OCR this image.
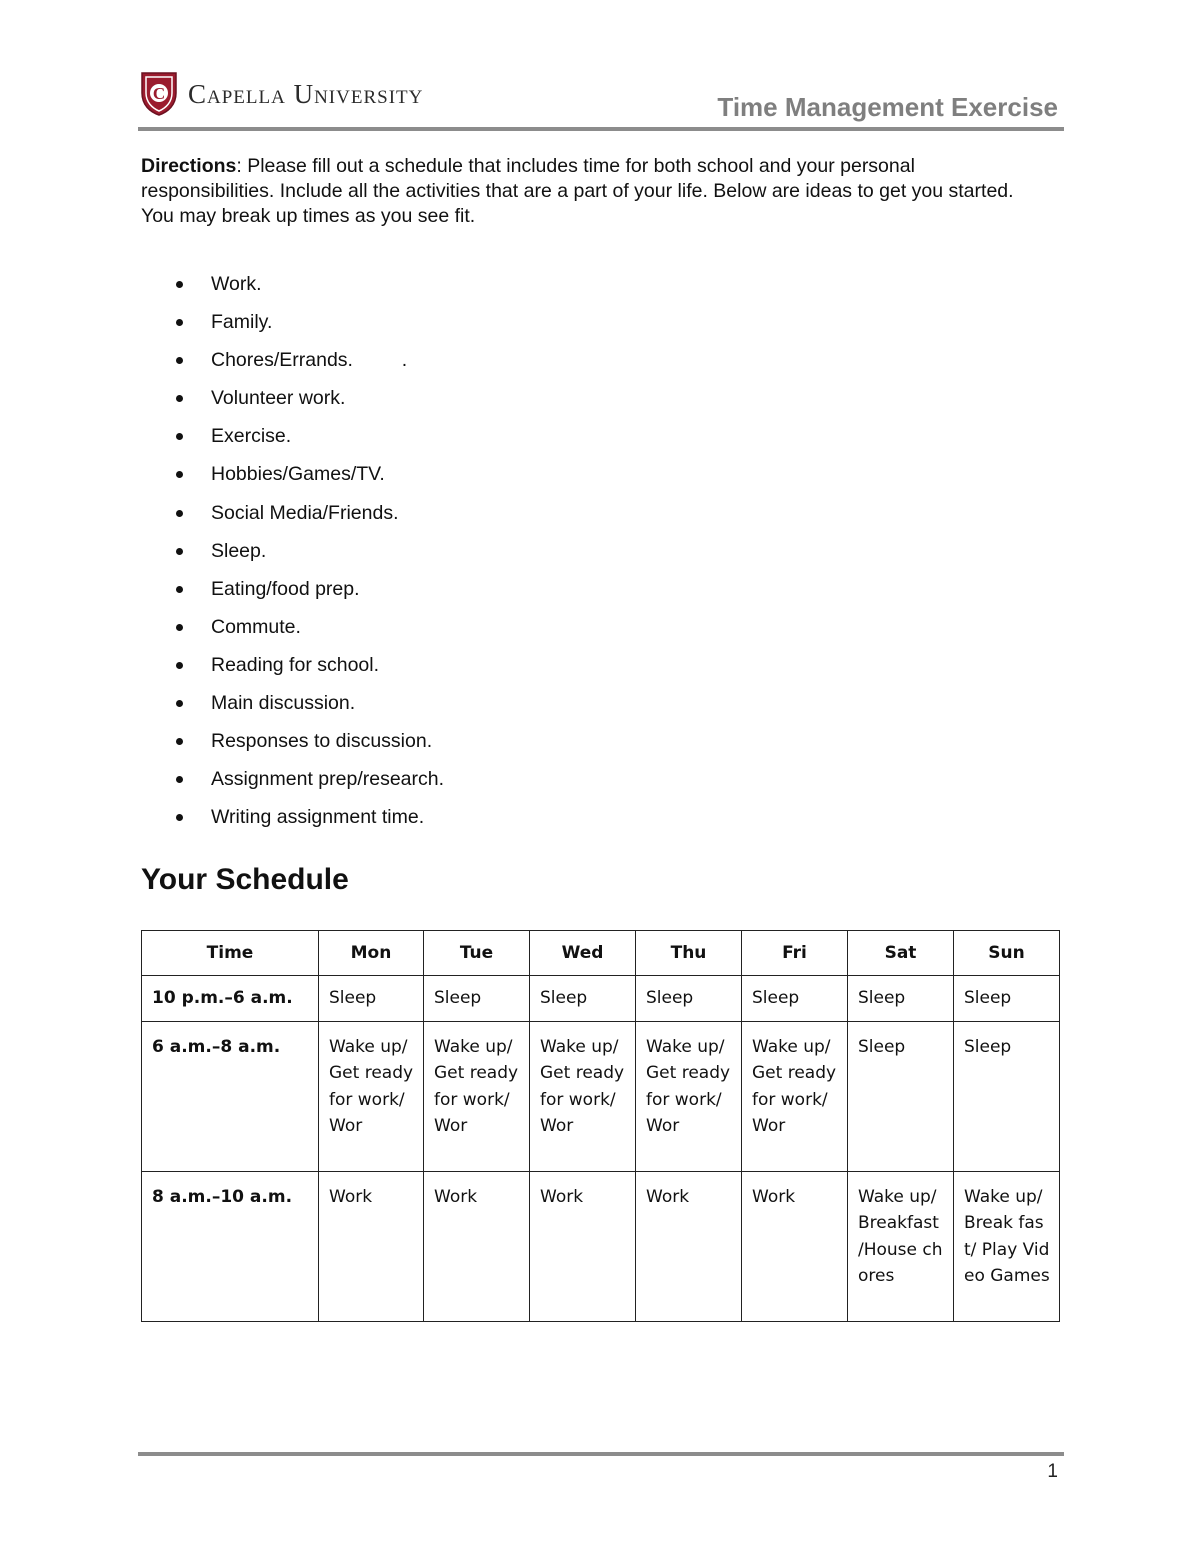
C Capella University	Time Management Exercise
Directions: Please fill out a schedule that includes time for both school and your personal responsibilities. Include all the activities that are a part of your life. Below are ideas to get you started. You may break up times as you see fit.
Work.
Family.
Chores/Errands.         .
Volunteer work.
Exercise.
Hobbies/Games/TV.
Social Media/Friends.
Sleep.
Eating/food prep.
Commute.
Reading for school.
Main discussion.
Responses to discussion.
Assignment prep/research.
Writing assignment time.
Your Schedule
Time	Mon	Tue	Wed	Thu	Fri	Sat	Sun
10 p.m.–6 a.m.	Sleep	Sleep	Sleep	Sleep	Sleep	Sleep	Sleep
6 a.m.–8 a.m.	Wake up/ Get ready for work/Wor	Wake up/ Get ready for work/Wor	Wake up/ Get ready for work/Wor	Wake up/ Get ready for work/Wor	Wake up/ Get ready for work/Wor	Sleep	Sleep
8 a.m.–10 a.m.	Work	Work	Work	Work	Work	Wake up/ Breakfast /House chores	Wake up/Break fast/ Play Video Games
1
